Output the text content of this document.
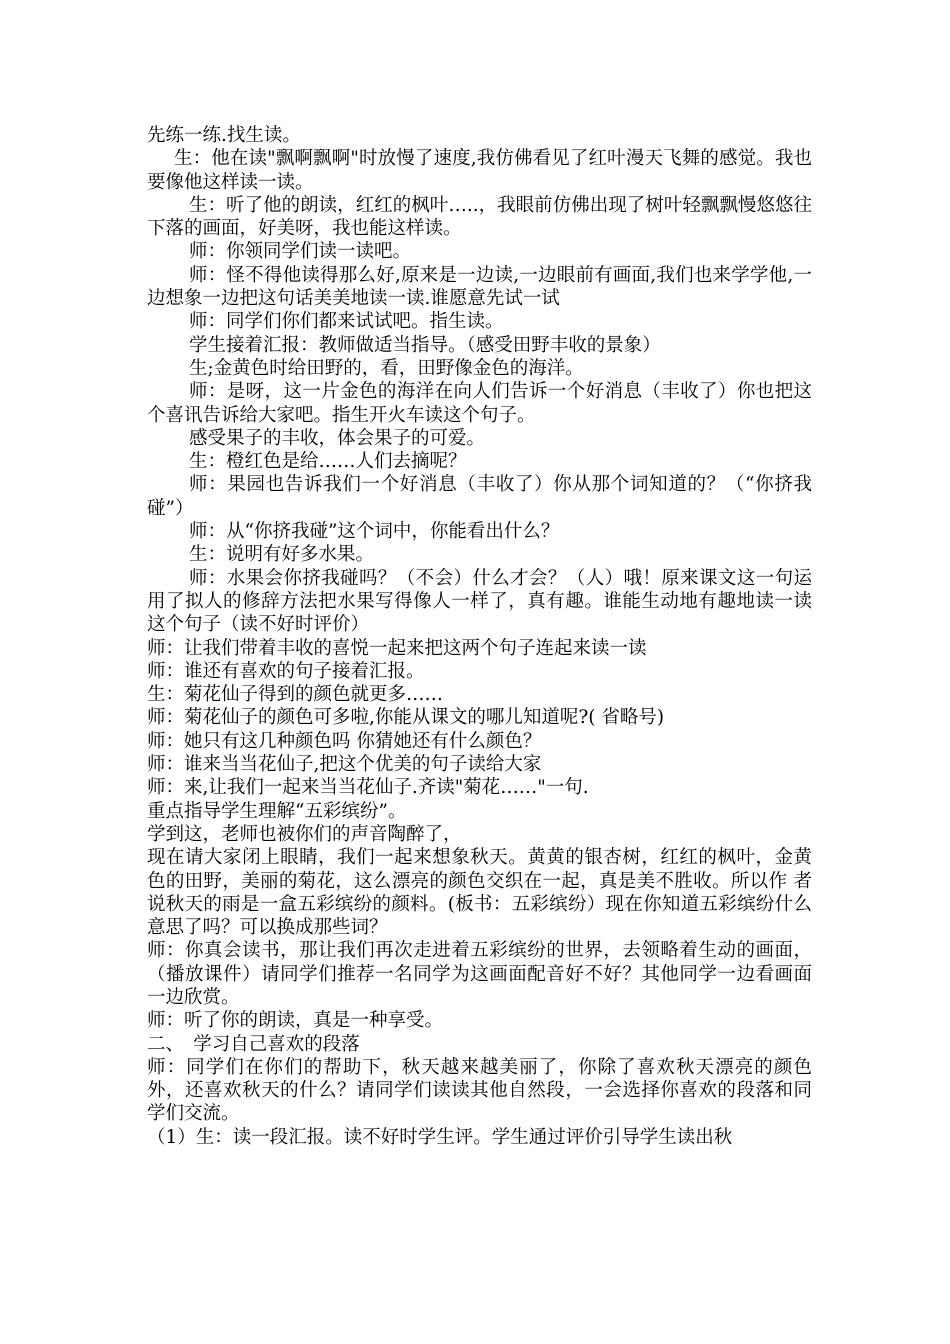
先练一练.找生读。

生：他在读"飘啊飘啊"时放慢了速度,我仿佛看见了红叶漫天飞舞的感觉。我也要像他这样读一读。

生：听了他的朗读，红红的枫叶…..，我眼前仿佛出现了树叶轻飘飘慢悠悠往下落的画面，好美呀，我也能这样读。

师：你领同学们读一读吧。

师：怪不得他读得那么好,原来是一边读,一边眼前有画面,我们也来学学他,一边想象一边把这句话美美地读一读.谁愿意先试一试

师：同学们你们都来试试吧。指生读。

学生接着汇报：教师做适当指导。（感受田野丰收的景象）

生;金黄色时给田野的，看，田野像金色的海洋。

师：是呀，这一片金色的海洋在向人们告诉一个好消息（丰收了）你也把这个喜讯告诉给大家吧。指生开火车读这个句子。

感受果子的丰收，体会果子的可爱。

生：橙红色是给……人们去摘呢？

师：果园也告诉我们一个好消息（丰收了）你从那个词知道的？（“你挤我碰”）

师：从“你挤我碰”这个词中，你能看出什么？

生：说明有好多水果。

师：水果会你挤我碰吗？（不会）什么才会？（人）哦！原来课文这一句运用了拟人的修辞方法把水果写得像人一样了，真有趣。谁能生动地有趣地读一读这个句子（读不好时评价）

师：让我们带着丰收的喜悦一起来把这两个句子连起来读一读

师：谁还有喜欢的句子接着汇报。

生：菊花仙子得到的颜色就更多……

师：菊花仙子的颜色可多啦,你能从课文的哪儿知道呢?( 省略号)

师：她只有这几种颜色吗 你猜她还有什么颜色？

师：谁来当当花仙子,把这个优美的句子读给大家

师：来,让我们一起来当当花仙子.齐读"菊花……"一句.

重点指导学生理解“五彩缤纷”。

学到这，老师也被你们的声音陶醉了，

现在请大家闭上眼睛，我们一起来想象秋天。黄黄的银杏树，红红的枫叶，金黄色的田野，美丽的菊花，这么漂亮的颜色交织在一起，真是美不胜收。所以作 者说秋天的雨是一盒五彩缤纷的颜料。(板书：五彩缤纷）现在你知道五彩缤纷什么意思了吗？可以换成那些词？

师：你真会读书，那让我们再次走进着五彩缤纷的世界，去领略着生动的画面，（播放课件）请同学们推荐一名同学为这画面配音好不好？其他同学一边看画面一边欣赏。

师：听了你的朗读，真是一种享受。

二、　学习自己喜欢的段落

师：同学们在你们的帮助下，秋天越来越美丽了，你除了喜欢秋天漂亮的颜色外，还喜欢秋天的什么？请同学们读读其他自然段，一会选择你喜欢的段落和同学们交流。

（1）生：读一段汇报。读不好时学生评。学生通过评价引导学生读出秋
